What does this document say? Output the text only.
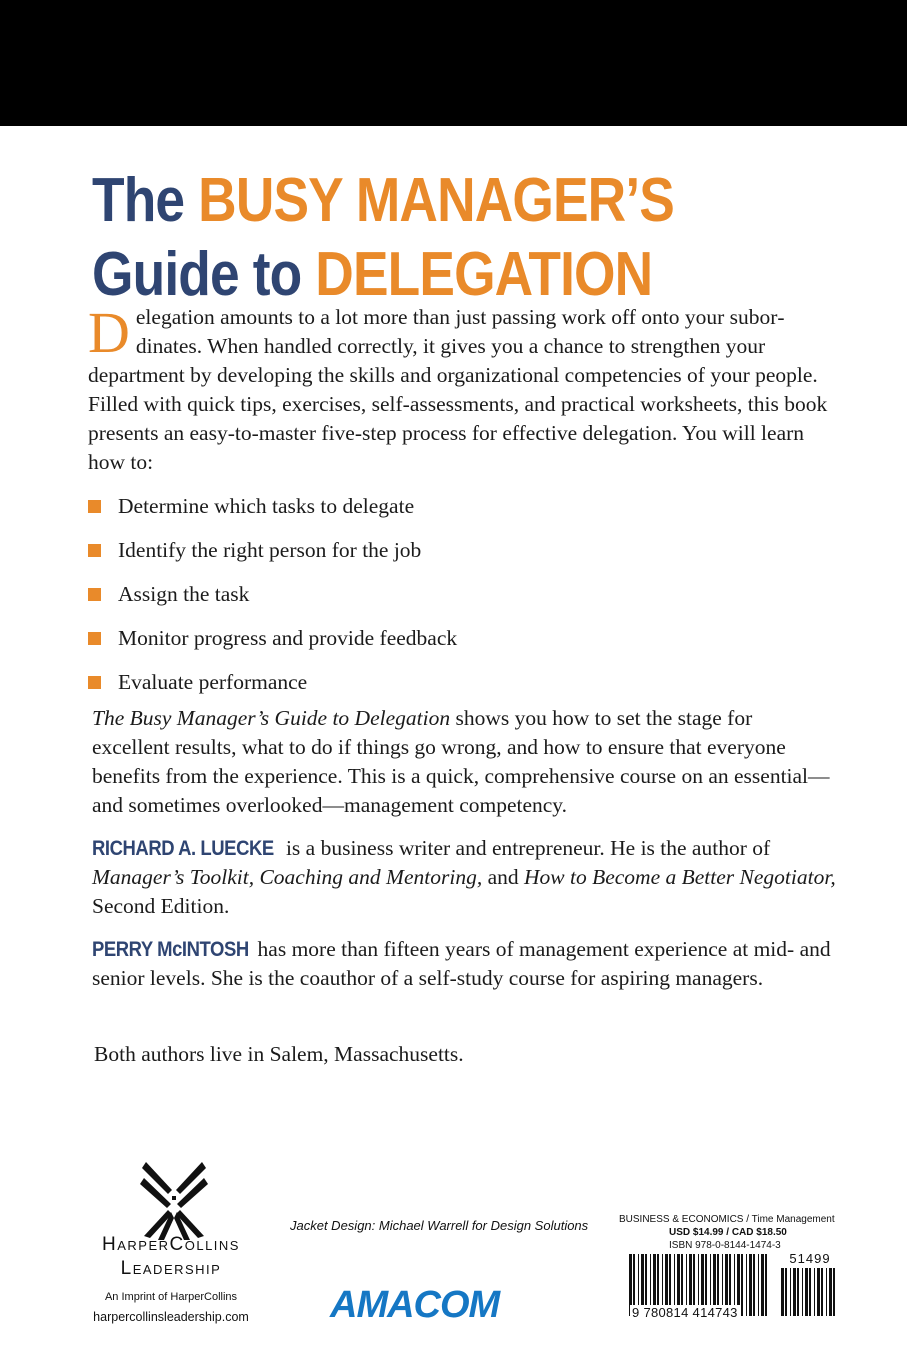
The BUSY MANAGER’S
Guide to DELEGATION
Delegation amounts to a lot more than just passing work off onto your subordinates. When handled correctly, it gives you a chance to strengthen your department by developing the skills and organizational competencies of your people. Filled with quick tips, exercises, self-assessments, and practical worksheets, this book presents an easy-to-master five-step process for effective delegation. You will learn how to:
Determine which tasks to delegate
Identify the right person for the job
Assign the task
Monitor progress and provide feedback
Evaluate performance
The Busy Manager’s Guide to Delegation shows you how to set the stage for excellent results, what to do if things go wrong, and how to ensure that everyone benefits from the experience. This is a quick, comprehensive course on an essential—and sometimes overlooked—management competency.
RICHARD A. LUECKE is a business writer and entrepreneur. He is the author of Manager’s Toolkit, Coaching and Mentoring, and How to Become a Better Negotiator, Second Edition.
PERRY McINTOSH has more than fifteen years of management experience at mid- and senior levels. She is the coauthor of a self-study course for aspiring managers.
Both authors live in Salem, Massachusetts.
HarperCollins
Leadership
An Imprint of HarperCollins
harpercollinsleadership.com
Jacket Design: Michael Warrell for Design Solutions
AMACOM
BUSINESS & ECONOMICS / Time Management
USD $14.99 / CAD $18.50
ISBN 978-0-8144-1474-3
9 780814 414743
51499
